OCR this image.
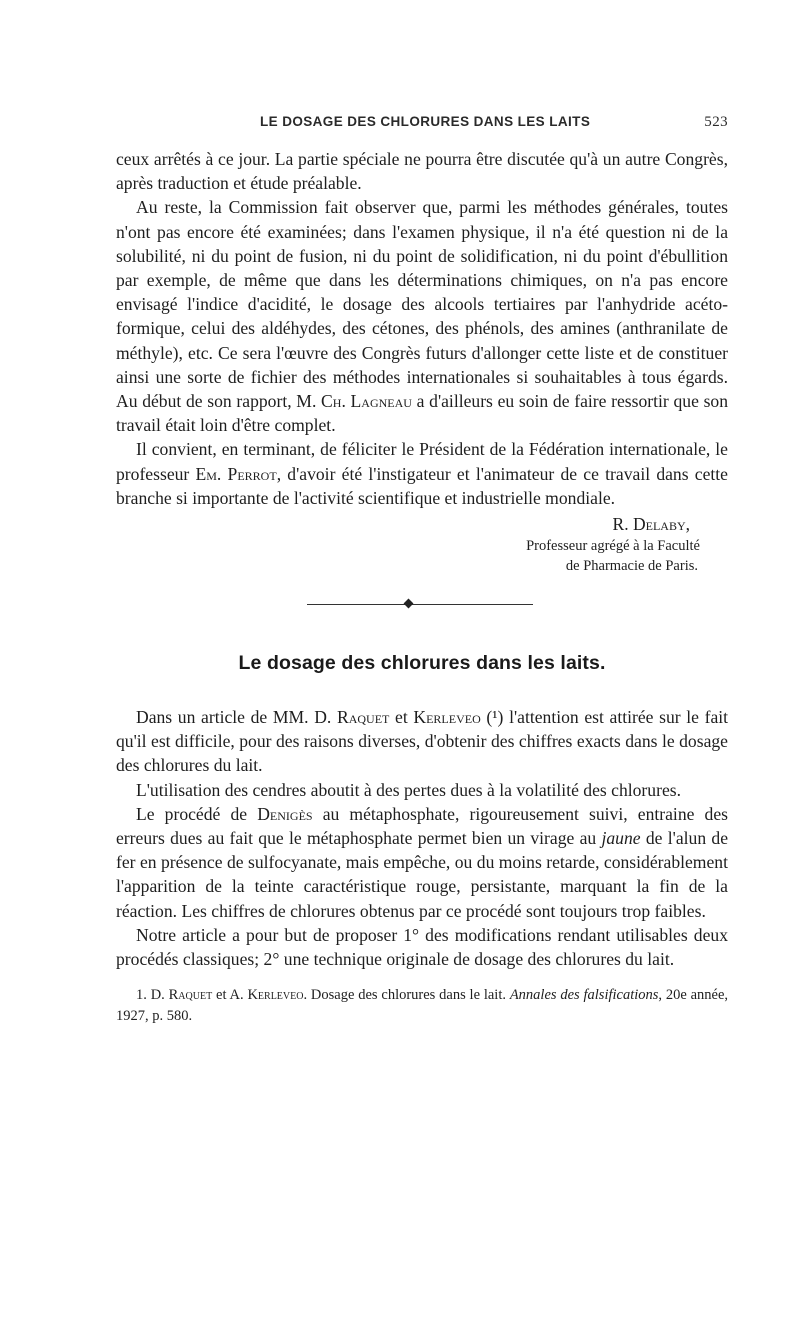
LE DOSAGE DES CHLORURES DANS LES LAITS	523

ceux arrêtés à ce jour. La partie spéciale ne pourra être discutée qu'à un autre Congrès, après traduction et étude préalable.

Au reste, la Commission fait observer que, parmi les méthodes générales, toutes n'ont pas encore été examinées; dans l'examen physique, il n'a été question ni de la solubilité, ni du point de fusion, ni du point de solidification, ni du point d'ébullition par exemple, de même que dans les déterminations chimiques, on n'a pas encore envisagé l'indice d'acidité, le dosage des alcools tertiaires par l'anhydride acéto-formique, celui des aldéhydes, des cétones, des phénols, des amines (anthranilate de méthyle), etc. Ce sera l'œuvre des Congrès futurs d'allonger cette liste et de constituer ainsi une sorte de fichier des méthodes internationales si souhaitables à tous égards. Au début de son rapport, M. Ch. Lagneau a d'ailleurs eu soin de faire ressortir que son travail était loin d'être complet.

Il convient, en terminant, de féliciter le Président de la Fédération internationale, le professeur Em. Perrot, d'avoir été l'instigateur et l'animateur de ce travail dans cette branche si importante de l'activité scientifique et industrielle mondiale.

R. Delaby,
Professeur agrégé à la Faculté
de Pharmacie de Paris.
Le dosage des chlorures dans les laits.

Dans un article de MM. D. Raquet et Kerleveo (¹) l'attention est attirée sur le fait qu'il est difficile, pour des raisons diverses, d'obtenir des chiffres exacts dans le dosage des chlorures du lait.

L'utilisation des cendres aboutit à des pertes dues à la volatilité des chlorures.

Le procédé de Denigès au métaphosphate, rigoureusement suivi, entraine des erreurs dues au fait que le métaphosphate permet bien un virage au jaune de l'alun de fer en présence de sulfocyanate, mais empêche, ou du moins retarde, considérablement l'apparition de la teinte caractéristique rouge, persistante, marquant la fin de la réaction. Les chiffres de chlorures obtenus par ce procédé sont toujours trop faibles.

Notre article a pour but de proposer 1° des modifications rendant utilisables deux procédés classiques; 2° une technique originale de dosage des chlorures du lait.

1. D. Raquet et A. Kerleveo. Dosage des chlorures dans le lait. Annales des falsifications, 20e année, 1927, p. 580.
